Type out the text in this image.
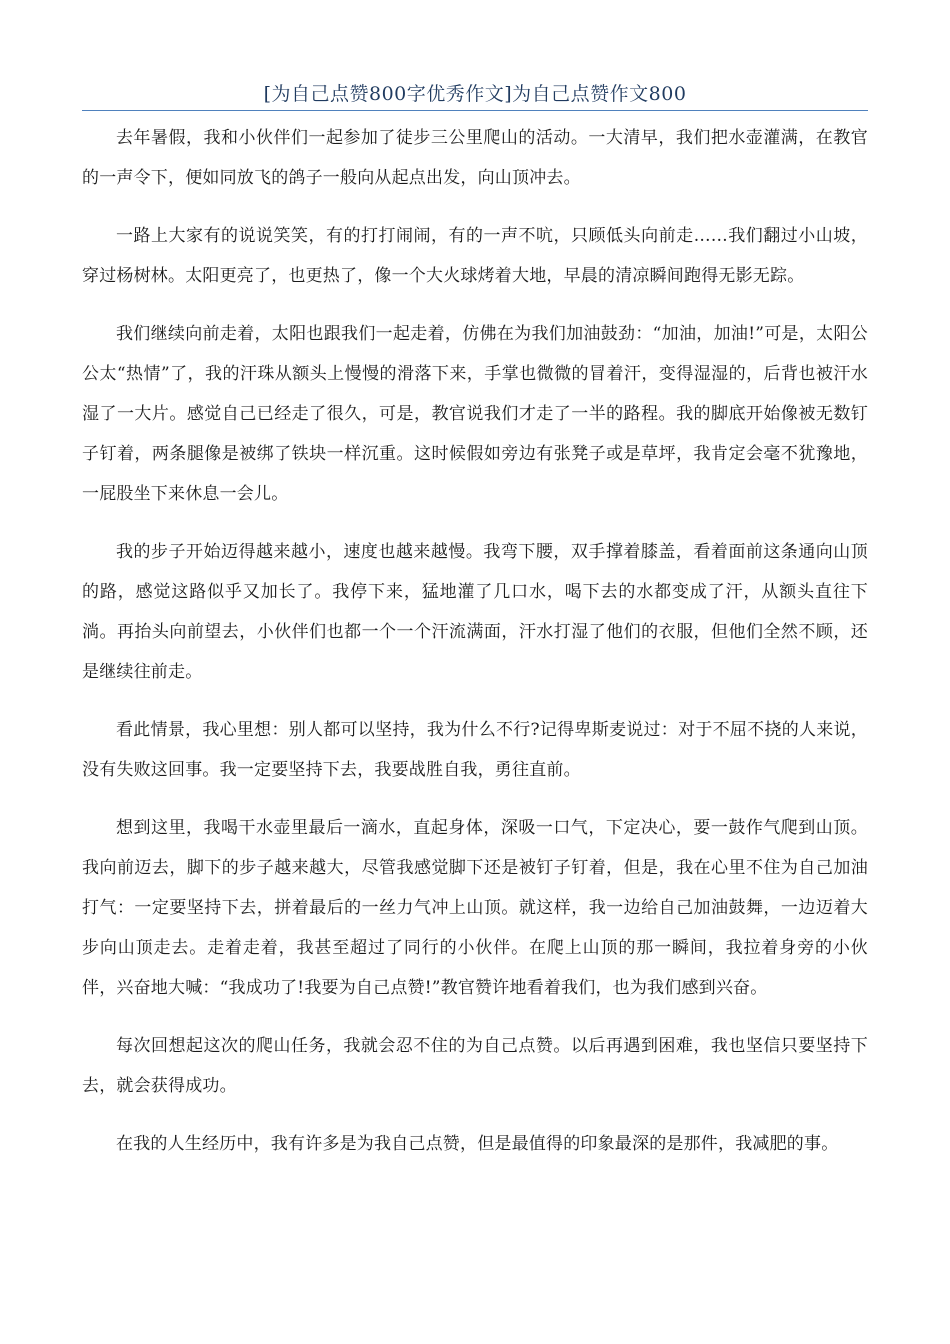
[为自己点赞800字优秀作文]为自己点赞作文800

去年暑假，我和小伙伴们一起参加了徒步三公里爬山的活动。一大清早，我们把水壶灌满，在教官的一声令下，便如同放飞的鸽子一般向从起点出发，向山顶冲去。

一路上大家有的说说笑笑，有的打打闹闹，有的一声不吭，只顾低头向前走……我们翻过小山坡，穿过杨树林。太阳更亮了，也更热了，像一个大火球烤着大地，早晨的清凉瞬间跑得无影无踪。

我们继续向前走着，太阳也跟我们一起走着，仿佛在为我们加油鼓劲：“加油，加油!”可是，太阳公公太“热情”了，我的汗珠从额头上慢慢的滑落下来，手掌也微微的冒着汗，变得湿湿的，后背也被汗水湿了一大片。感觉自己已经走了很久，可是，教官说我们才走了一半的路程。我的脚底开始像被无数钉子钉着，两条腿像是被绑了铁块一样沉重。这时候假如旁边有张凳子或是草坪，我肯定会毫不犹豫地，一屁股坐下来休息一会儿。

我的步子开始迈得越来越小，速度也越来越慢。我弯下腰，双手撑着膝盖，看着面前这条通向山顶的路，感觉这路似乎又加长了。我停下来，猛地灌了几口水，喝下去的水都变成了汗，从额头直往下淌。再抬头向前望去，小伙伴们也都一个一个汗流满面，汗水打湿了他们的衣服，但他们全然不顾，还是继续往前走。

看此情景，我心里想：别人都可以坚持，我为什么不行?记得卑斯麦说过：对于不屈不挠的人来说，没有失败这回事。我一定要坚持下去，我要战胜自我，勇往直前。

想到这里，我喝干水壶里最后一滴水，直起身体，深吸一口气，下定决心，要一鼓作气爬到山顶。我向前迈去，脚下的步子越来越大，尽管我感觉脚下还是被钉子钉着，但是，我在心里不住为自己加油打气：一定要坚持下去，拼着最后的一丝力气冲上山顶。就这样，我一边给自己加油鼓舞，一边迈着大步向山顶走去。走着走着，我甚至超过了同行的小伙伴。在爬上山顶的那一瞬间，我拉着身旁的小伙伴，兴奋地大喊：“我成功了!我要为自己点赞!”教官赞许地看着我们，也为我们感到兴奋。

每次回想起这次的爬山任务，我就会忍不住的为自己点赞。以后再遇到困难，我也坚信只要坚持下去，就会获得成功。

在我的人生经历中，我有许多是为我自己点赞，但是最值得的印象最深的是那件，我减肥的事。
